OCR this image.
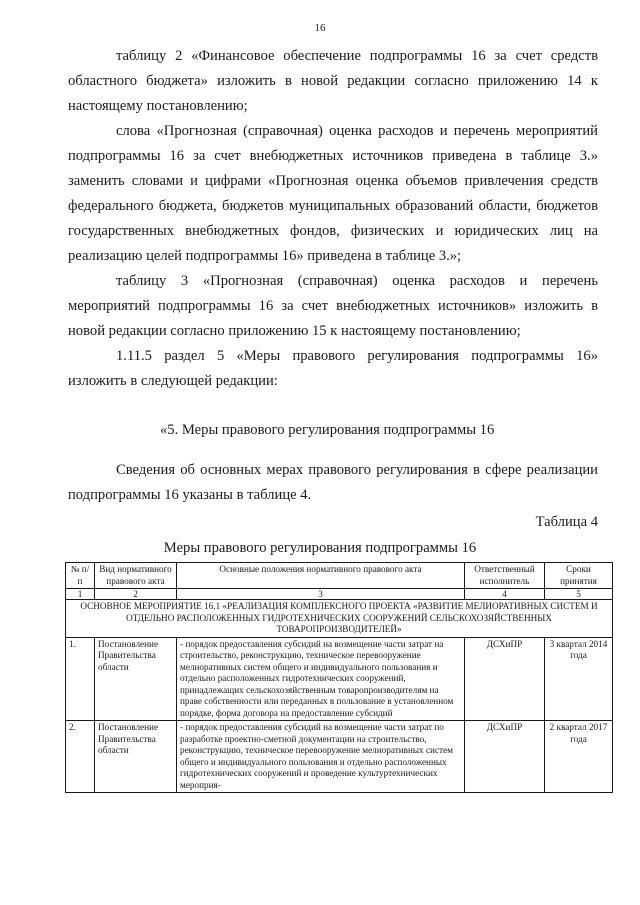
16

таблицу 2 «Финансовое обеспечение подпрограммы 16 за счет средств областного бюджета» изложить в новой редакции согласно приложению 14 к настоящему постановлению;

слова «Прогнозная (справочная) оценка расходов и перечень мероприятий подпрограммы 16 за счет внебюджетных источников приведена в таблице 3.» заменить словами и цифрами «Прогнозная оценка объемов привлечения средств федерального бюджета, бюджетов муниципальных образований области, бюджетов государственных внебюджетных фондов, физических и юридических лиц на реализацию целей подпрограммы 16» приведена в таблице 3.»;

таблицу 3 «Прогнозная (справочная) оценка расходов и перечень мероприятий подпрограммы 16 за счет внебюджетных источников» изложить в новой редакции согласно приложению 15 к настоящему постановлению;

1.11.5 раздел 5 «Меры правового регулирования подпрограммы 16» изложить в следующей редакции:

«5. Меры правового регулирования подпрограммы 16
Сведения об основных мерах правового регулирования в сфере реализации подпрограммы 16 указаны в таблице 4.
Таблица 4
Меры правового регулирования подпрограммы 16
№ п/п	Вид нормативного правового акта	Основные положения нормативного правового акта	Ответственный исполнитель	Сроки принятия
1	2	3	4	5
ОСНОВНОЕ МЕРОПРИЯТИЕ 16.1 «РЕАЛИЗАЦИЯ КОМПЛЕКСНОГО ПРОЕКТА «РАЗВИТИЕ МЕЛИОРАТИВНЫХ СИСТЕМ И ОТДЕЛЬНО РАСПОЛОЖЕННЫХ ГИДРОТЕХНИЧЕСКИХ СООРУЖЕНИЙ СЕЛЬСКОХОЗЯЙСТВЕННЫХ ТОВАРОПРОИЗВОДИТЕЛЕЙ»				
1.	Постановление Правительства области	- порядок предоставления субсидий на возмещение части затрат на строительство, реконструкцию, техническое перевооружение мелиоративных систем общего и индивидуального пользования и отдельно расположенных гидротехнических сооружений, принадлежащих сельскохозяйственным товаропроизводителям на праве собственности или переданных в пользование в установленном порядке, форма договора на предоставление субсидий	ДСХиПР	3 квартал 2014 года
2.	Постановление Правительства области	- порядок предоставления субсидий на возмещение части затрат по разработке проектно-сметной документации на строительство, реконструкцию, техническое перевооружение мелиоративных систем общего и индивидуального пользования и отдельно расположенных гидротехнических сооружений и проведение культуртехнических мероприя-	ДСХиПР	2 квартал 2017 года
